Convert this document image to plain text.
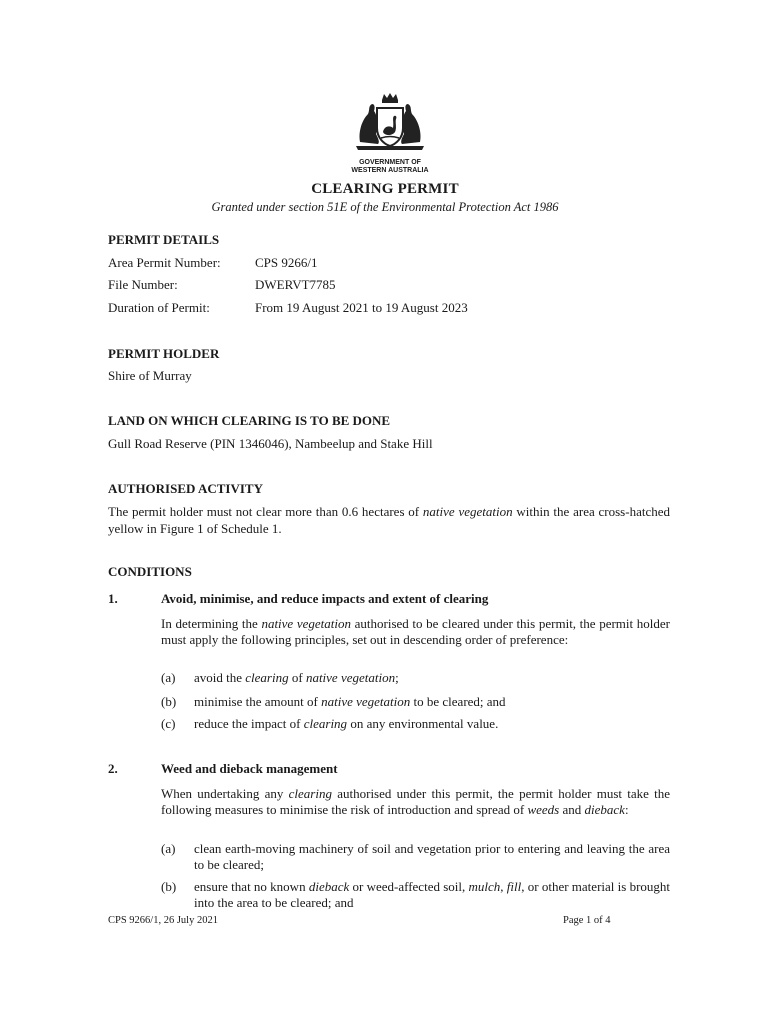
GOVERNMENT OF
WESTERN AUSTRALIA
CLEARING PERMIT
Granted under section 51E of the Environmental Protection Act 1986
PERMIT DETAILS
Area Permit Number:	CPS 9266/1
File Number:	DWERVT7785
Duration of Permit:	From 19 August 2021 to 19 August 2023
PERMIT HOLDER
Shire of Murray
LAND ON WHICH CLEARING IS TO BE DONE
Gull Road Reserve (PIN 1346046), Nambeelup and Stake Hill
AUTHORISED ACTIVITY
The permit holder must not clear more than 0.6 hectares of native vegetation within the area cross-hatched yellow in Figure 1 of Schedule 1.
CONDITIONS
1.	Avoid, minimise, and reduce impacts and extent of clearing
In determining the native vegetation authorised to be cleared under this permit, the permit holder must apply the following principles, set out in descending order of preference:
(a)	avoid the clearing of native vegetation;
(b)	minimise the amount of native vegetation to be cleared; and
(c)	reduce the impact of clearing on any environmental value.
2.	Weed and dieback management
When undertaking any clearing authorised under this permit, the permit holder must take the following measures to minimise the risk of introduction and spread of weeds and dieback:
(a)	clean earth-moving machinery of soil and vegetation prior to entering and leaving the area to be cleared;
(b)	ensure that no known dieback or weed-affected soil, mulch, fill, or other material is brought into the area to be cleared; and
CPS 9266/1, 26 July 2021	Page 1 of 4
